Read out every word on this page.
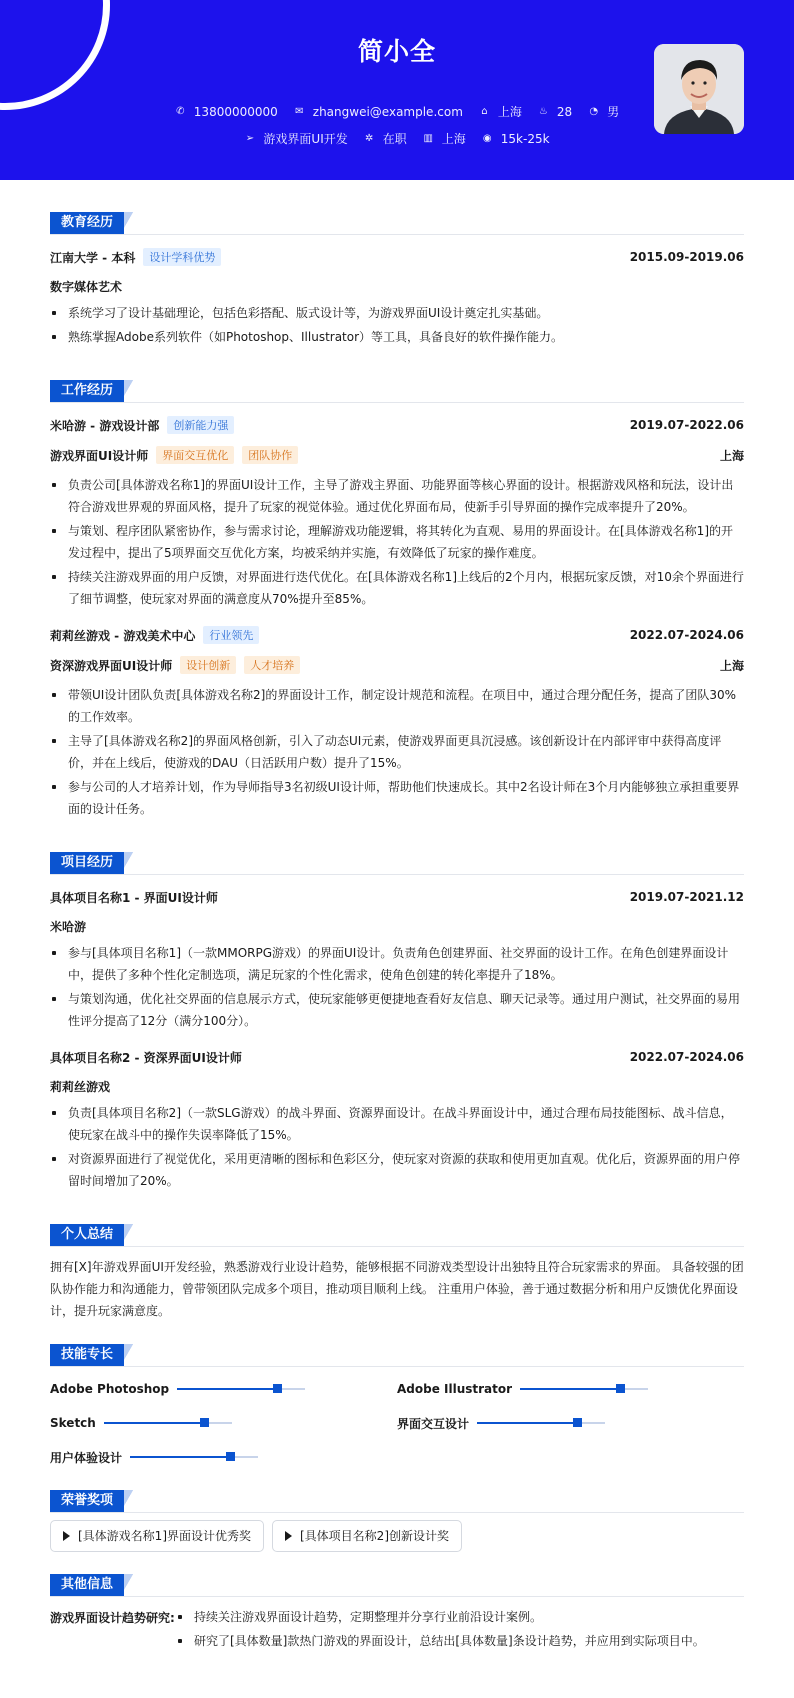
简小全
✆ 13800000000 ✉ zhangwei@example.com ⌂ 上海 ♨ 28 ◔ 男
➢ 游戏界面UI开发 ✲ 在职 ▥ 上海 ◉ 15k-25k
教育经历
江南大学 - 本科	设计学科优势	2015.09-2019.06
数字媒体艺术
系统学习了设计基础理论，包括色彩搭配、版式设计等，为游戏界面UI设计奠定扎实基础。
熟练掌握Adobe系列软件（如Photoshop、Illustrator）等工具，具备良好的软件操作能力。
工作经历
米哈游 - 游戏设计部	创新能力强	2019.07-2022.06
游戏界面UI设计师	界面交互优化	团队协作	上海
负责公司[具体游戏名称1]的界面UI设计工作，主导了游戏主界面、功能界面等核心界面的设计。根据游戏风格和玩法，设计出符合游戏世界观的界面风格，提升了玩家的视觉体验。通过优化界面布局，使新手引导界面的操作完成率提升了20%。
与策划、程序团队紧密协作，参与需求讨论，理解游戏功能逻辑，将其转化为直观、易用的界面设计。在[具体游戏名称1]的开发过程中，提出了5项界面交互优化方案，均被采纳并实施，有效降低了玩家的操作难度。
持续关注游戏界面的用户反馈，对界面进行迭代优化。在[具体游戏名称1]上线后的2个月内，根据玩家反馈，对10余个界面进行了细节调整，使玩家对界面的满意度从70%提升至85%。
莉莉丝游戏 - 游戏美术中心	行业领先	2022.07-2024.06
资深游戏界面UI设计师	设计创新	人才培养	上海
带领UI设计团队负责[具体游戏名称2]的界面设计工作，制定设计规范和流程。在项目中，通过合理分配任务，提高了团队30%的工作效率。
主导了[具体游戏名称2]的界面风格创新，引入了动态UI元素，使游戏界面更具沉浸感。该创新设计在内部评审中获得高度评价，并在上线后，使游戏的DAU（日活跃用户数）提升了15%。
参与公司的人才培养计划，作为导师指导3名初级UI设计师，帮助他们快速成长。其中2名设计师在3个月内能够独立承担重要界面的设计任务。
项目经历
具体项目名称1 - 界面UI设计师	2019.07-2021.12
米哈游
参与[具体项目名称1]（一款MMORPG游戏）的界面UI设计。负责角色创建界面、社交界面的设计工作。在角色创建界面设计中，提供了多种个性化定制选项，满足玩家的个性化需求，使角色创建的转化率提升了18%。
与策划沟通，优化社交界面的信息展示方式，使玩家能够更便捷地查看好友信息、聊天记录等。通过用户测试，社交界面的易用性评分提高了12分（满分100分）。
具体项目名称2 - 资深界面UI设计师	2022.07-2024.06
莉莉丝游戏
负责[具体项目名称2]（一款SLG游戏）的战斗界面、资源界面设计。在战斗界面设计中，通过合理布局技能图标、战斗信息，使玩家在战斗中的操作失误率降低了15%。
对资源界面进行了视觉优化，采用更清晰的图标和色彩区分，使玩家对资源的获取和使用更加直观。优化后，资源界面的用户停留时间增加了20%。
个人总结
拥有[X]年游戏界面UI开发经验，熟悉游戏行业设计趋势，能够根据不同游戏类型设计出独特且符合玩家需求的界面。 具备较强的团队协作能力和沟通能力，曾带领团队完成多个项目，推动项目顺利上线。 注重用户体验，善于通过数据分析和用户反馈优化界面设计，提升玩家满意度。
技能专长
Adobe Photoshop	Adobe Illustrator
Sketch	界面交互设计
用户体验设计
荣誉奖项
[具体游戏名称1]界面设计优秀奖	[具体项目名称2]创新设计奖
其他信息
游戏界面设计趋势研究:	持续关注游戏界面设计趋势，定期整理并分享行业前沿设计案例。
研究了[具体数量]款热门游戏的界面设计，总结出[具体数量]条设计趋势，并应用到实际项目中。
